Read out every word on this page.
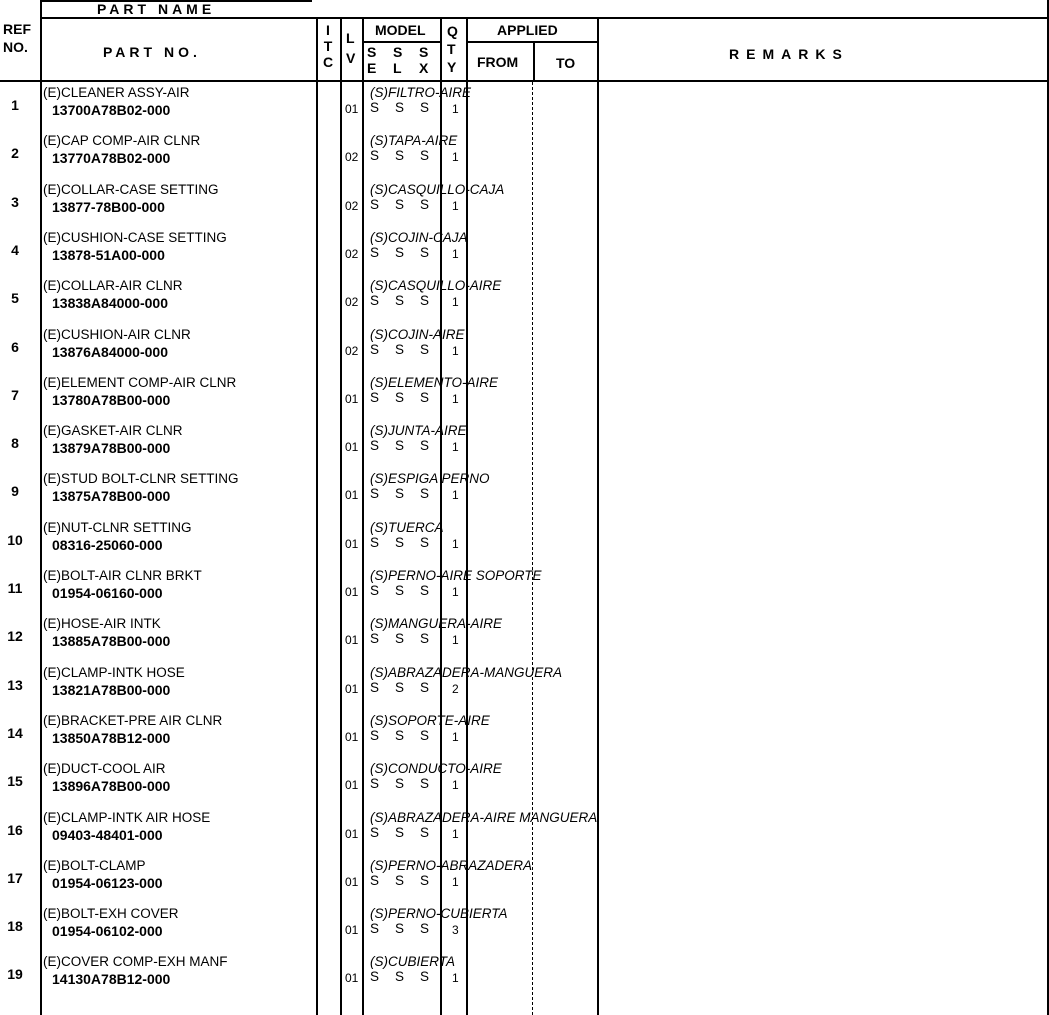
REF
NO.
PART NAME
PART NO.
I
T
C
L
V
MODEL
S
E
S
L
S
X
Q
T
Y
APPLIED
FROM	TO
REMARKS
1
(E)CLEANER ASSY-AIR
13700A78B02-000
(S)FILTRO-AIRE
01 S S S 1
2
(E)CAP COMP-AIR CLNR
13770A78B02-000
(S)TAPA-AIRE
02 S S S 1
3
(E)COLLAR-CASE SETTING
13877-78B00-000
(S)CASQUILLO-CAJA
02 S S S 1
4
(E)CUSHION-CASE SETTING
13878-51A00-000
(S)COJIN-CAJA
02 S S S 1
5
(E)COLLAR-AIR CLNR
13838A84000-000
(S)CASQUILLO-AIRE
02 S S S 1
6
(E)CUSHION-AIR CLNR
13876A84000-000
(S)COJIN-AIRE
02 S S S 1
7
(E)ELEMENT COMP-AIR CLNR
13780A78B00-000
(S)ELEMENTO-AIRE
01 S S S 1
8
(E)GASKET-AIR CLNR
13879A78B00-000
(S)JUNTA-AIRE
01 S S S 1
9
(E)STUD BOLT-CLNR SETTING
13875A78B00-000
(S)ESPIGA PERNO
01 S S S 1
10
(E)NUT-CLNR SETTING
08316-25060-000
(S)TUERCA
01 S S S 1
11
(E)BOLT-AIR CLNR BRKT
01954-06160-000
(S)PERNO-AIRE SOPORTE
01 S S S 1
12
(E)HOSE-AIR INTK
13885A78B00-000
(S)MANGUERA-AIRE
01 S S S 1
13
(E)CLAMP-INTK HOSE
13821A78B00-000
(S)ABRAZADERA-MANGUERA
01 S S S 2
14
(E)BRACKET-PRE AIR CLNR
13850A78B12-000
(S)SOPORTE-AIRE
01 S S S 1
15
(E)DUCT-COOL AIR
13896A78B00-000
(S)CONDUCTO-AIRE
01 S S S 1
16
(E)CLAMP-INTK AIR HOSE
09403-48401-000
(S)ABRAZADERA-AIRE MANGUERA
01 S S S 1
17
(E)BOLT-CLAMP
01954-06123-000
(S)PERNO-ABRAZADERA
01 S S S 1
18
(E)BOLT-EXH COVER
01954-06102-000
(S)PERNO-CUBIERTA
01 S S S 3
19
(E)COVER COMP-EXH MANF
14130A78B12-000
(S)CUBIERTA
01 S S S 1
